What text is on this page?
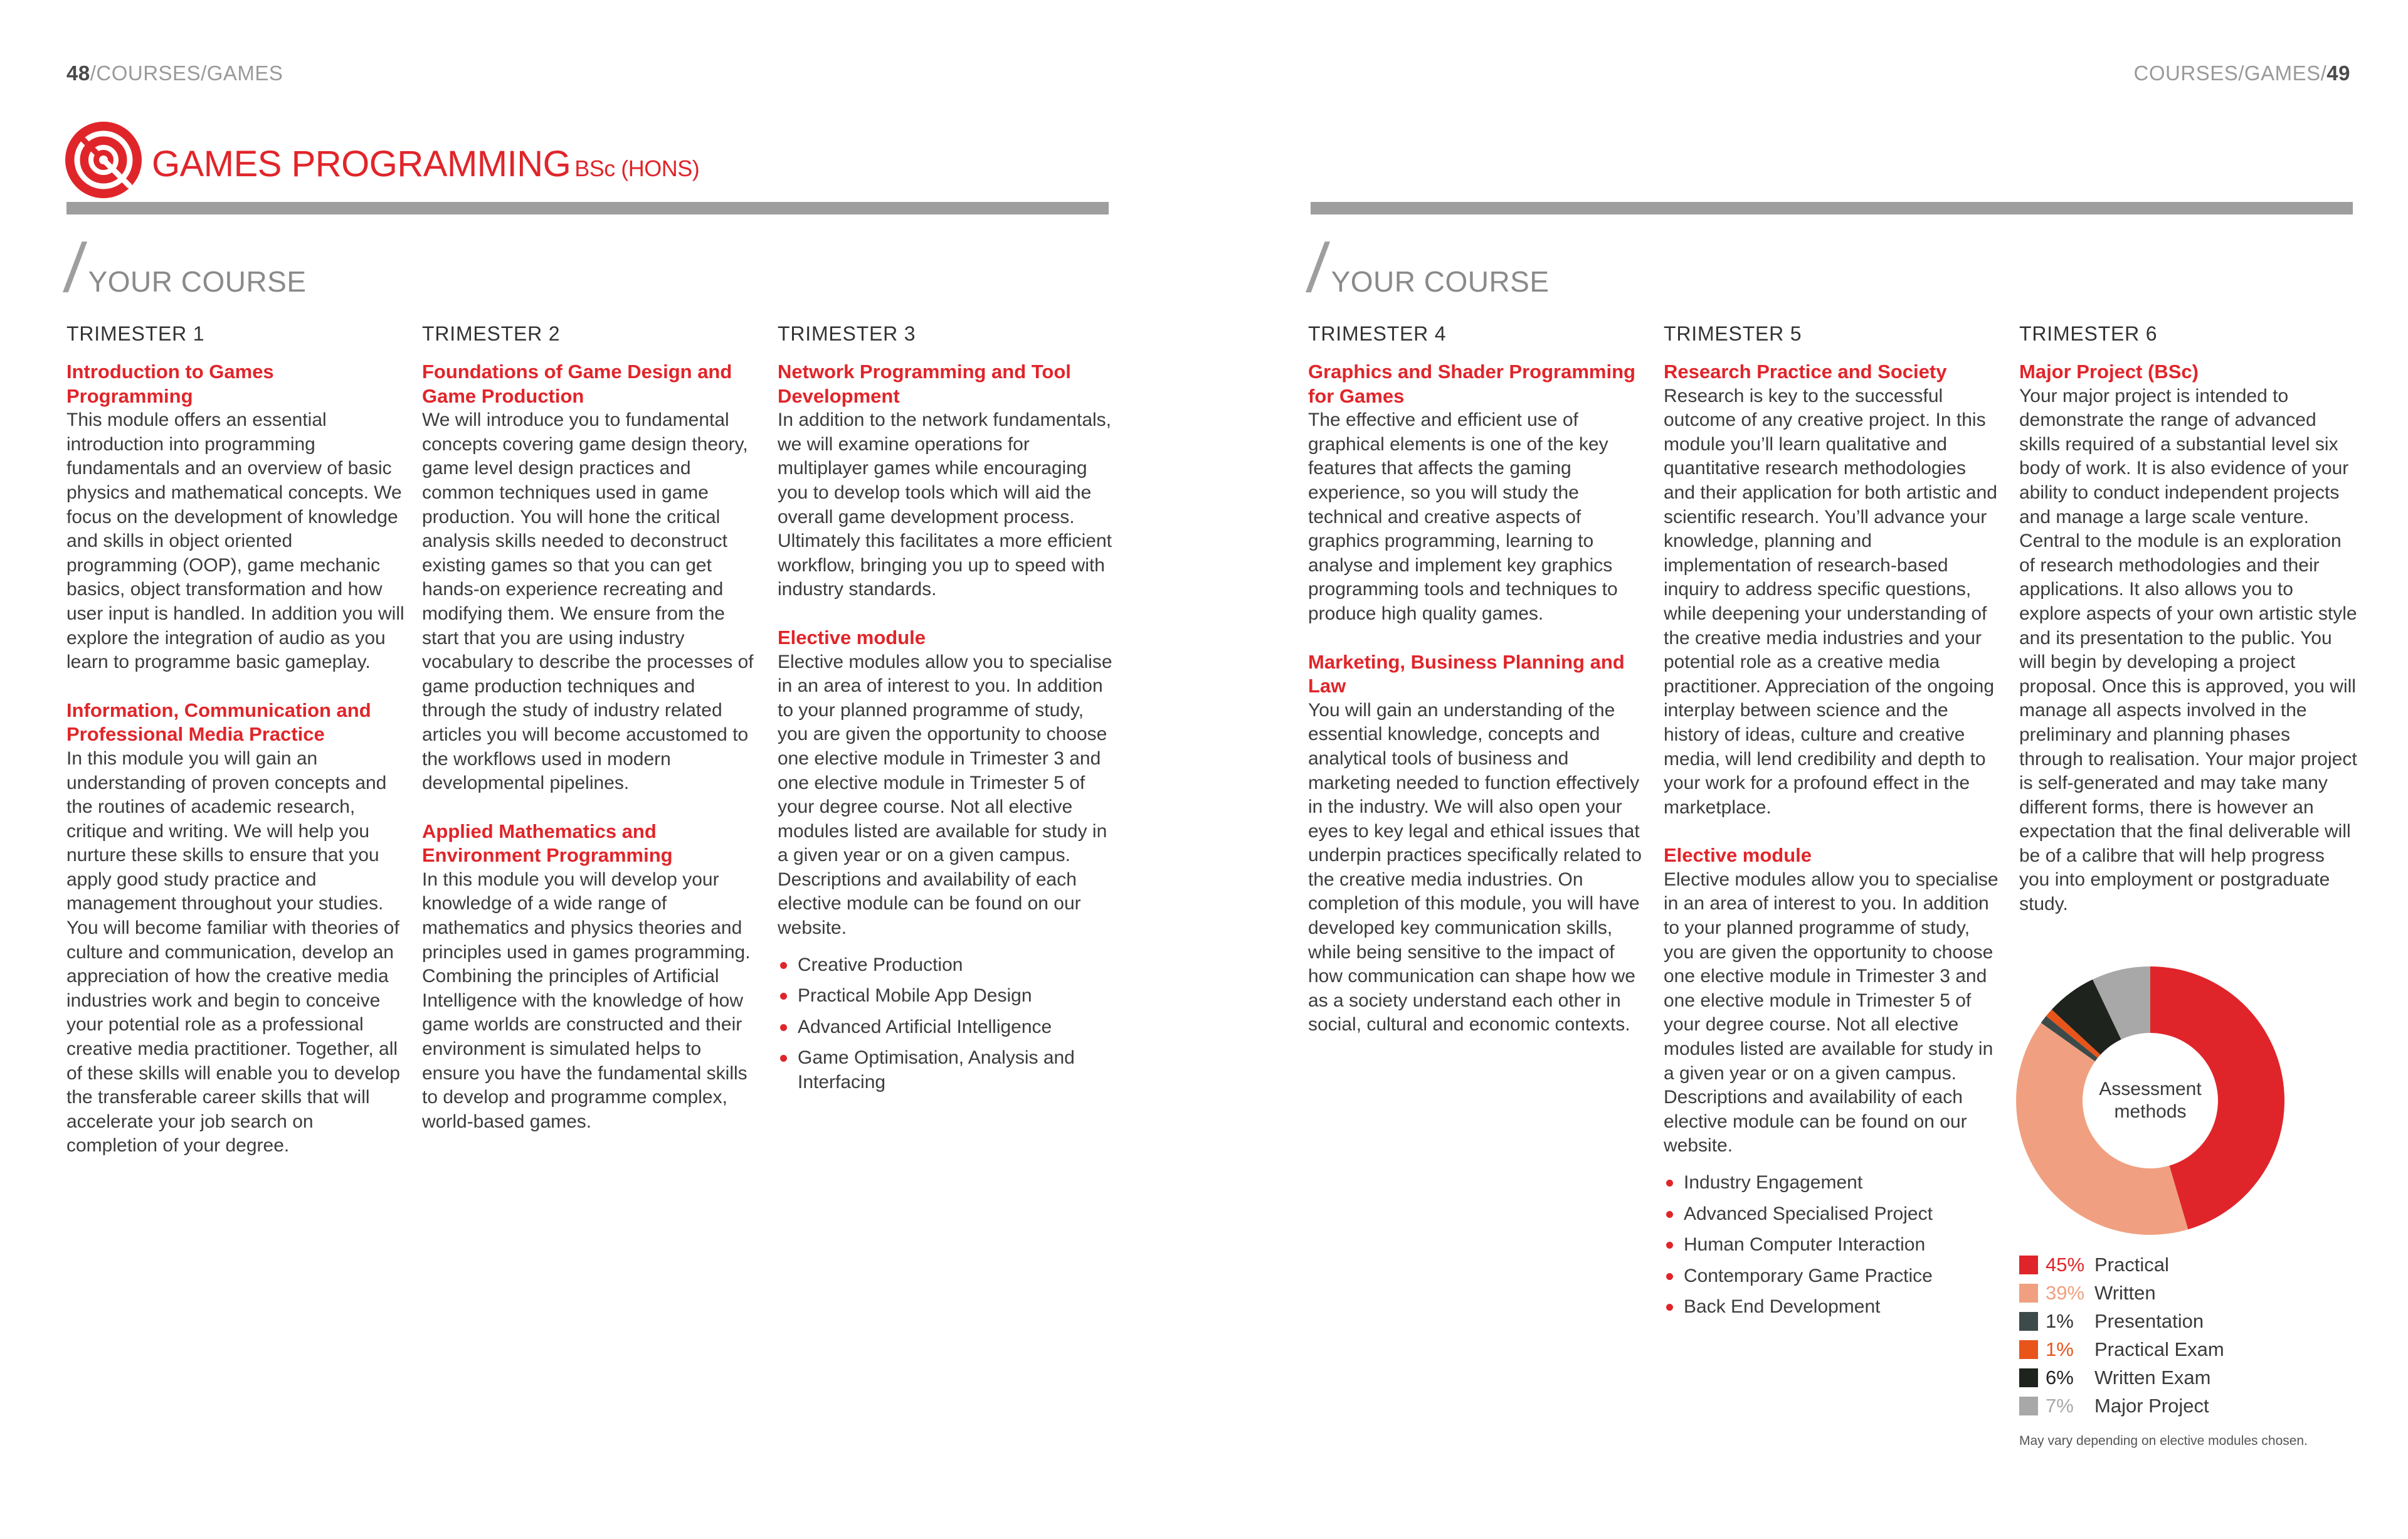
48/COURSES/GAMES	COURSES/GAMES/49
GAMES PROGRAMMING BSc (HONS)
/YOUR COURSE	/YOUR COURSE
TRIMESTER 1
Introduction to Games Programming
This module offers an essential introduction into programming fundamentals and an overview of basic physics and mathematical concepts. We focus on the development of knowledge and skills in object oriented programming (OOP), game mechanic basics, object transformation and how user input is handled. In addition you will explore the integration of audio as you learn to programme basic gameplay.
Information, Communication and Professional Media Practice
In this module you will gain an understanding of proven concepts and the routines of academic research, critique and writing. We will help you nurture these skills to ensure that you apply good study practice and management throughout your studies. You will become familiar with theories of culture and communication, develop an appreciation of how the creative media industries work and begin to conceive your potential role as a professional creative media practitioner. Together, all of these skills will enable you to develop the transferable career skills that will accelerate your job search on completion of your degree.
TRIMESTER 2
Foundations of Game Design and Game Production
We will introduce you to fundamental concepts covering game design theory, game level design practices and common techniques used in game production. You will hone the critical analysis skills needed to deconstruct existing games so that you can get hands-on experience recreating and modifying them. We ensure from the start that you are using industry vocabulary to describe the processes of game production techniques and through the study of industry related articles you will become accustomed to the workflows used in modern developmental pipelines.
Applied Mathematics and Environment Programming
In this module you will develop your knowledge of a wide range of mathematics and physics theories and principles used in games programming. Combining the principles of Artificial Intelligence with the knowledge of how game worlds are constructed and their environment is simulated helps to ensure you have the fundamental skills to develop and programme complex, world-based games.
TRIMESTER 3
Network Programming and Tool Development
In addition to the network fundamentals, we will examine operations for multiplayer games while encouraging you to develop tools which will aid the overall game development process. Ultimately this facilitates a more efficient workflow, bringing you up to speed with industry standards.
Elective module
Elective modules allow you to specialise in an area of interest to you. In addition to your planned programme of study, you are given the opportunity to choose one elective module in Trimester 3 and one elective module in Trimester 5 of your degree course. Not all elective modules listed are available for study in a given year or on a given campus. Descriptions and availability of each elective module can be found on our website.
Creative Production
Practical Mobile App Design
Advanced Artificial Intelligence
Game Optimisation, Analysis and Interfacing
TRIMESTER 4
Graphics and Shader Programming for Games
The effective and efficient use of graphical elements is one of the key features that affects the gaming experience, so you will study the technical and creative aspects of graphics programming, learning to analyse and implement key graphics programming tools and techniques to produce high quality games.
Marketing, Business Planning and Law
You will gain an understanding of the essential knowledge, concepts and analytical tools of business and marketing needed to function effectively in the industry. We will also open your eyes to key legal and ethical issues that underpin practices specifically related to the creative media industries. On completion of this module, you will have developed key communication skills, while being sensitive to the impact of how communication can shape how we as a society understand each other in social, cultural and economic contexts.
TRIMESTER 5
Research Practice and Society
Research is key to the successful outcome of any creative project. In this module you’ll learn qualitative and quantitative research methodologies and their application for both artistic and scientific research. You’ll advance your knowledge, planning and implementation of research-based inquiry to address specific questions, while deepening your understanding of the creative media industries and your potential role as a creative media practitioner. Appreciation of the ongoing interplay between science and the history of ideas, culture and creative media, will lend credibility and depth to your work for a profound effect in the marketplace.
Elective module
Elective modules allow you to specialise in an area of interest to you. In addition to your planned programme of study, you are given the opportunity to choose one elective module in Trimester 3 and one elective module in Trimester 5 of your degree course. Not all elective modules listed are available for study in a given year or on a given campus. Descriptions and availability of each elective module can be found on our website.
Industry Engagement
Advanced Specialised Project
Human Computer Interaction
Contemporary Game Practice
Back End Development
TRIMESTER 6
Major Project (BSc)
Your major project is intended to demonstrate the range of advanced skills required of a substantial level six body of work. It is also evidence of your ability to conduct independent projects and manage a large scale venture. Central to the module is an exploration of research methodologies and their applications. It also allows you to explore aspects of your own artistic style and its presentation to the public. You will begin by developing a project proposal. Once this is approved, you will manage all aspects involved in the preliminary and planning phases through to realisation. Your major project is self-generated and may take many different forms, there is however an expectation that the final deliverable will be of a calibre that will help progress you into employment or postgraduate study.
Assessment
methods
45% Practical
39% Written
1%	Presentation
1%	Practical Exam
6%	Written Exam
7%	Major Project
May vary depending on elective modules chosen.
